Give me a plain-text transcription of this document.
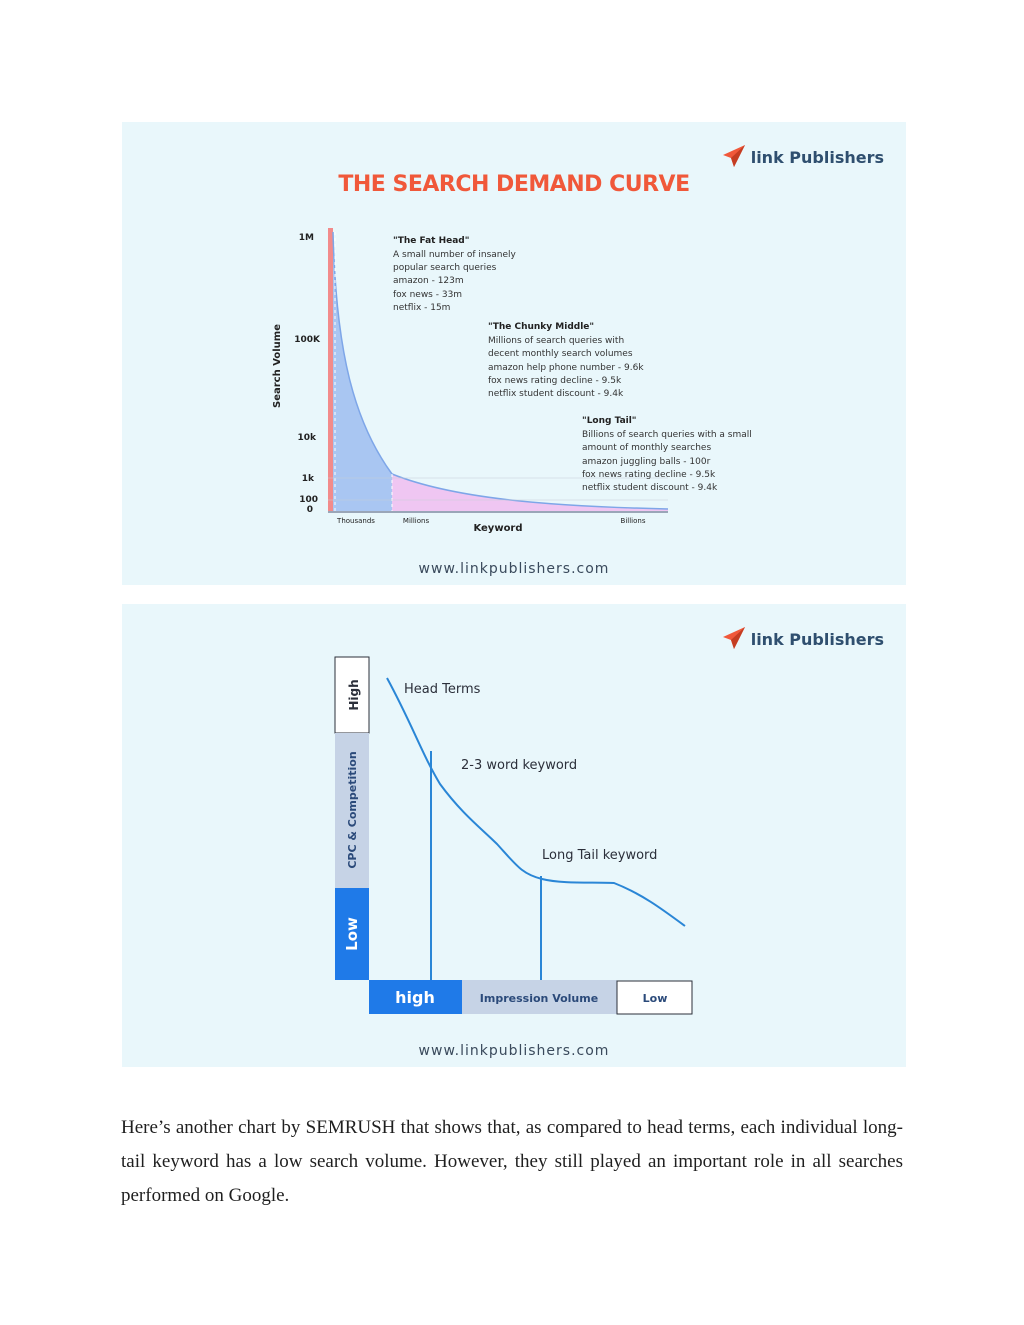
link Publishers
THE SEARCH DEMAND CURVE
1M
100K
10k
1k
100
0
Search Volume
Thousands	Millions	Billions
Keyword
"The Fat Head"
A small number of insanely
popular search queries
amazon - 123m
fox news - 33m
netflix - 15m
"The Chunky Middle"
Millions of search queries with
decent monthly search volumes
amazon help phone number - 9.6k
fox news rating decline - 9.5k
netflix student discount - 9.4k
"Long Tail"
Billions of search queries with a small
amount of monthly searches
amazon juggling balls - 100r
fox news rating decline - 9.5k
netflix student discount - 9.4k
www.linkpublishers.com
link Publishers
High
CPC & Competition
Low
high	Impression Volume	Low
Head Terms
2-3 word keyword
Long Tail keyword
www.linkpublishers.com

Here’s another chart by SEMRUSH that shows that, as compared to head terms, each individual long-tail keyword has a low search volume. However, they still played an important role in all searches performed on Google.
